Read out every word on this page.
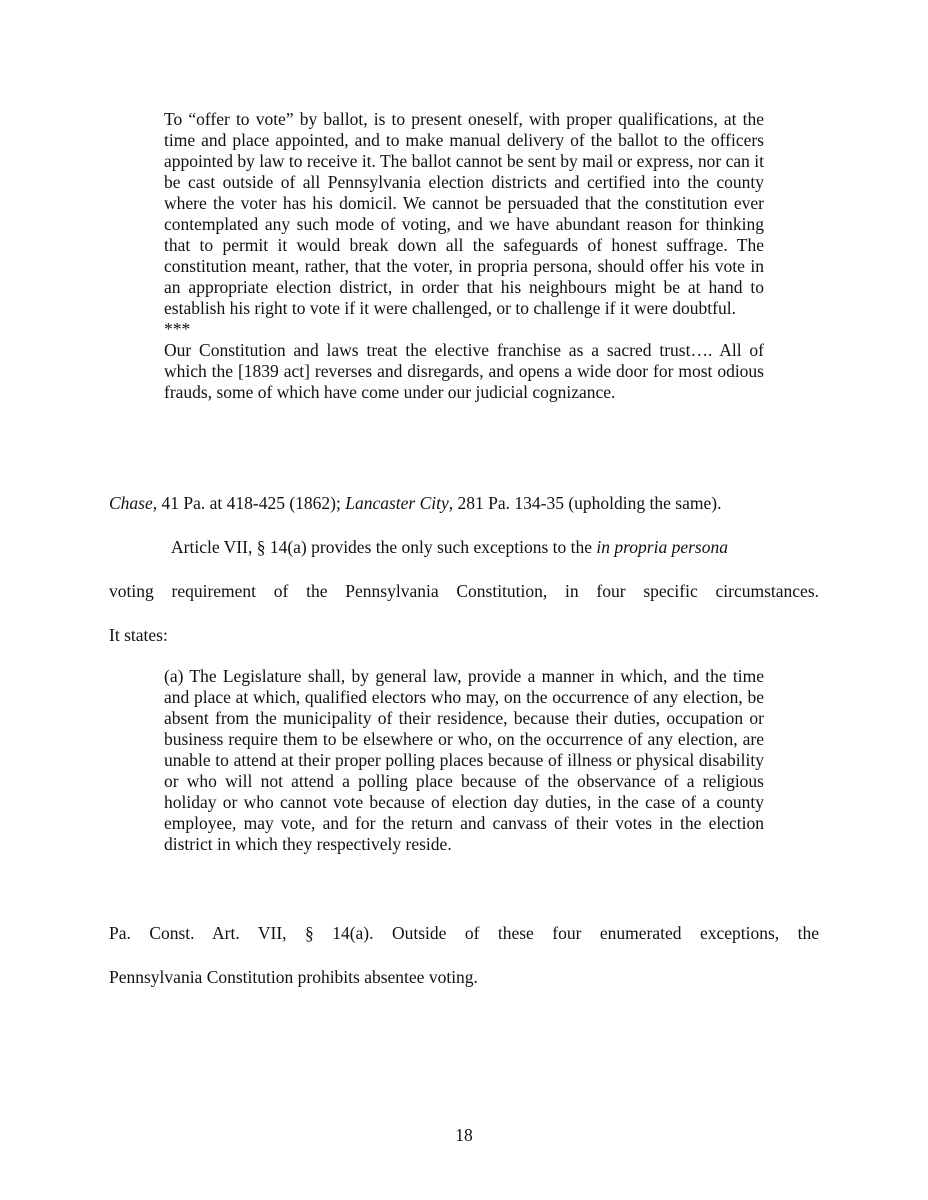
To “offer to vote” by ballot, is to present oneself, with proper qualifications, at the time and place appointed, and to make manual delivery of the ballot to the officers appointed by law to receive it. The ballot cannot be sent by mail or express, nor can it be cast outside of all Pennsylvania election districts and certified into the county where the voter has his domicil. We cannot be persuaded that the constitution ever contemplated any such mode of voting, and we have abundant reason for thinking that to permit it would break down all the safeguards of honest suffrage. The constitution meant, rather, that the voter, in propria persona, should offer his vote in an appropriate election district, in order that his neighbours might be at hand to establish his right to vote if it were challenged, or to challenge if it were doubtful.

***

Our Constitution and laws treat the elective franchise as a sacred trust…. All of which the [1839 act] reverses and disregards, and opens a wide door for most odious frauds, some of which have come under our judicial cognizance.

Chase, 41 Pa. at 418-425 (1862); Lancaster City, 281 Pa. 134-35 (upholding the same).
Article VII, § 14(a) provides the only such exceptions to the in propria persona
voting requirement of the Pennsylvania Constitution, in four specific circumstances.
It states:

(a) The Legislature shall, by general law, provide a manner in which, and the time and place at which, qualified electors who may, on the occurrence of any election, be absent from the municipality of their residence, because their duties, occupation or business require them to be elsewhere or who, on the occurrence of any election, are unable to attend at their proper polling places because of illness or physical disability or who will not attend a polling place because of the observance of a religious holiday or who cannot vote because of election day duties, in the case of a county employee, may vote, and for the return and canvass of their votes in the election district in which they respectively reside.

Pa. Const. Art. VII, § 14(a). Outside of these four enumerated exceptions, the
Pennsylvania Constitution prohibits absentee voting.
18
